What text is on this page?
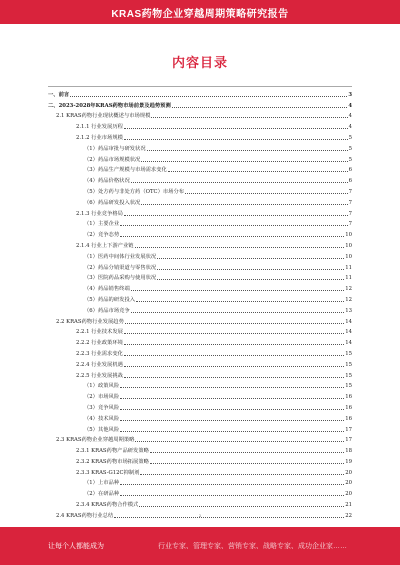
KRAS药物企业穿越周期策略研究报告
内容目录
一、前言	3
二、2023-2028年KRAS药物市场前景及趋势预测	4
2.1 KRAS药物行业现状概述与市场规模	4
2.1.1 行业发展历程	4
2.1.2 行业市场规模	5
（1）药品审批与研发状况	5
（2）药品市场规模状况	5
（3）药品生产规模与市场需求变化	6
（4）药品价格状况	6
（5）处方药与非处方药（OTC）市场分布	7
（6）药品研发投入状况	7
2.1.3 行业竞争格局	7
（1）主要企业	7
（2）竞争态势	10
2.1.4 行业上下游产业链	10
（1）医药中间体行业发展状况	10
（2）药品分销渠道与零售状况	11
（3）医院药品采购与使用状况	11
（4）药品销售终端	12
（5）药品的研发投入	12
（6）药品市场竞争	13
2.2 KRAS药物行业发展趋势	14
2.2.1 行业技术发展	14
2.2.2 行业政策环境	14
2.2.3 行业需求变化	15
2.2.4 行业发展机遇	15
2.2.5 行业发展挑战	15
（1）政策风险	15
（2）市场风险	16
（3）竞争风险	16
（4）技术风险	16
（5）其他风险	17
2.3 KRAS药物企业穿越周期策略	17
2.3.1 KRAS药物产品研发策略	18
2.3.2 KRAS药物市场拓展策略	19
2.3.3 KRAS-G12C抑制剂	20
（1）上市品种	20
（2）在研品种	20
2.3.4 KRAS药物合作模式	21
2.4 KRAS药物行业总结	22
2
让每个人都能成为	行业专家、管理专家、营销专家、战略专家、成功企业家……
